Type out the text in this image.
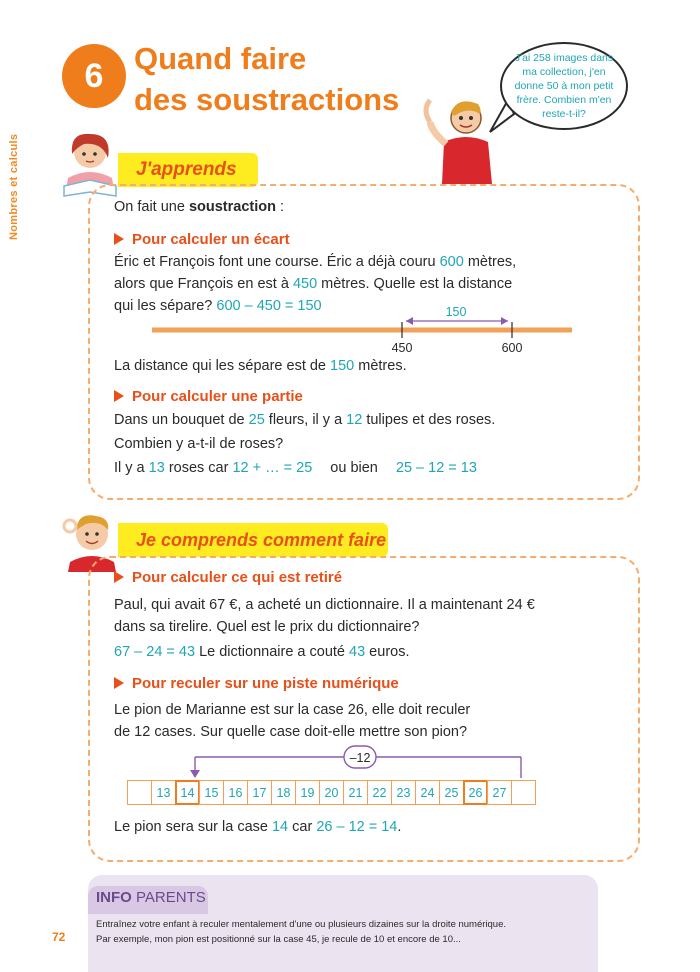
Nombres et calculs
6 Quand faire
des soustractions
J'ai 258 images dans ma collection, j'en donne 50 à mon petit frère. Combien m'en reste-t-il?
J'apprends
On fait une soustraction :
Pour calculer un écart
Éric et François font une course. Éric a déjà couru 600 mètres,
alors que François en est à 450 mètres. Quelle est la distance
qui les sépare? 600 – 450 = 150	150
450	600
La distance qui les sépare est de 150 mètres.
Pour calculer une partie
Dans un bouquet de 25 fleurs, il y a 12 tulipes et des roses.
Combien y a-t-il de roses?
Il y a 13 roses car 12 + … = 25 ou bien 25 – 12 = 13
Je comprends comment faire
Pour calculer ce qui est retiré
Paul, qui avait 67 €, a acheté un dictionnaire. Il a maintenant 24 €
dans sa tirelire. Quel est le prix du dictionnaire?
67 – 24 = 43 Le dictionnaire a couté 43 euros.
Pour reculer sur une piste numérique
Le pion de Marianne est sur la case 26, elle doit reculer
de 12 cases. Sur quelle case doit-elle mettre son pion?
–12
13 14 15 16 17 18 19 20 21 22 23 24 25 26 27
Le pion sera sur la case 14 car 26 – 12 = 14.
INFO PARENTS
Entraînez votre enfant à reculer mentalement d'une ou plusieurs dizaines sur la droite numérique.
Par exemple, mon pion est positionné sur la case 45, je recule de 10 et encore de 10...
72
